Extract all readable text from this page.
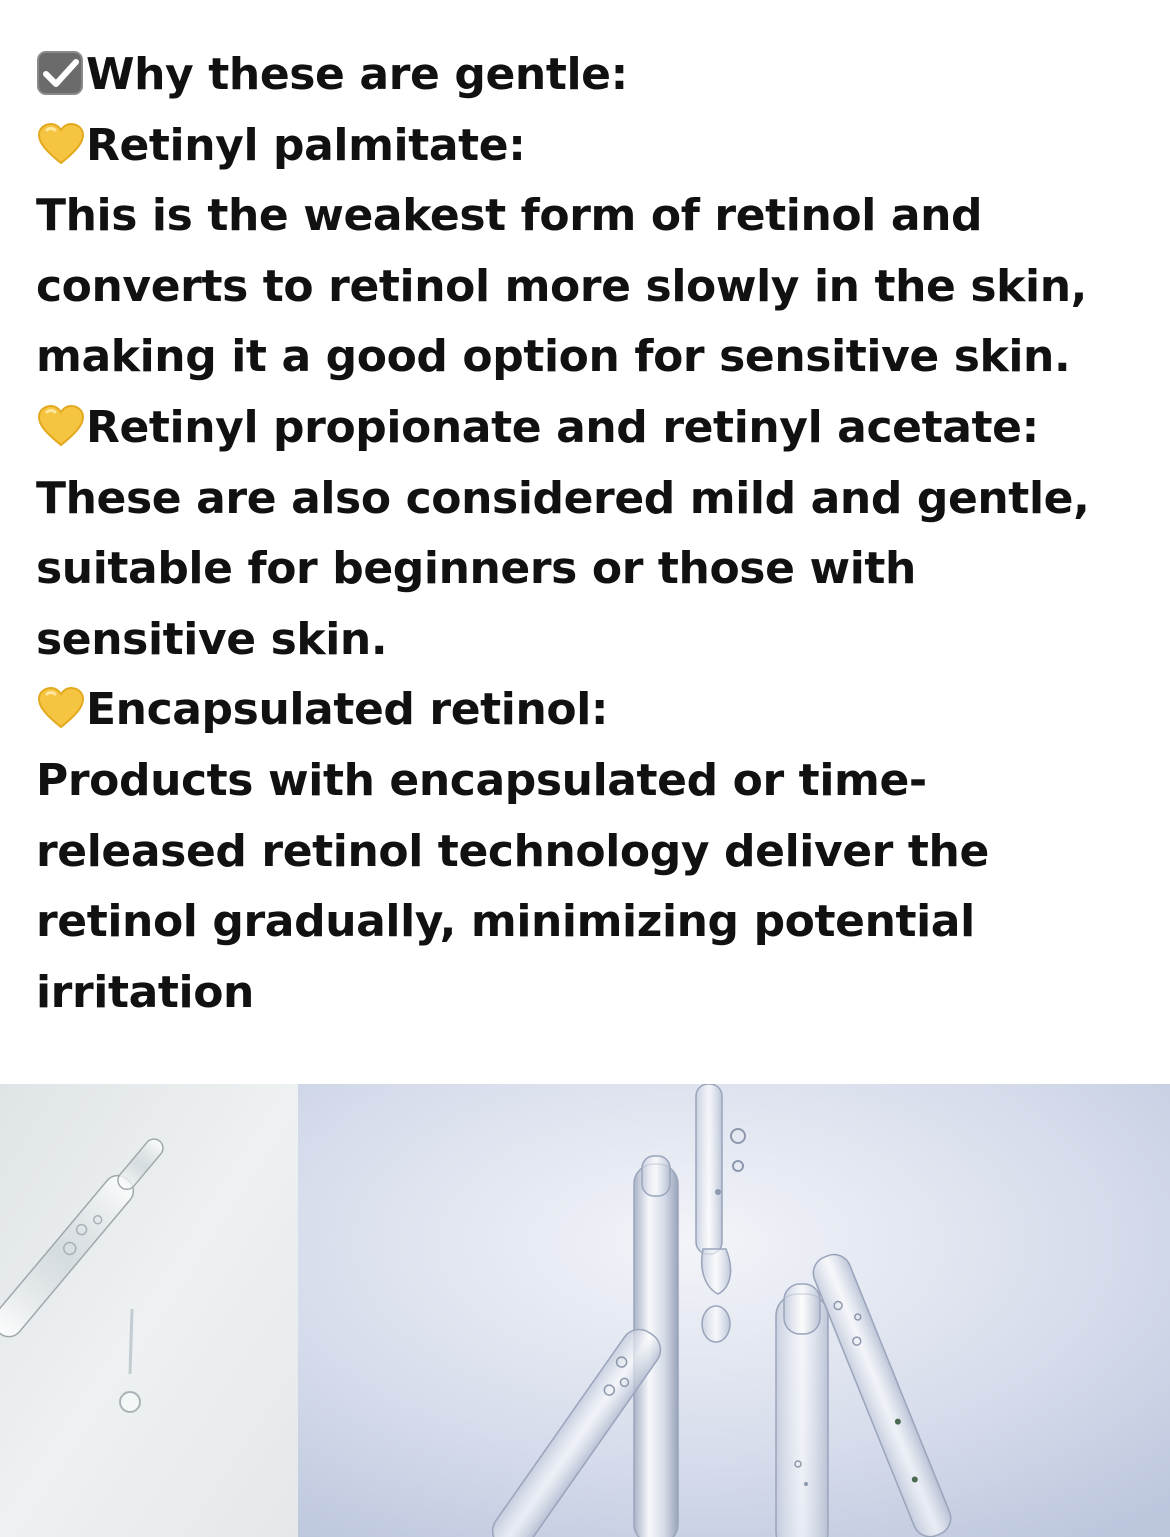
Why these are gentle:
Retinyl palmitate:
This is the weakest form of retinol and
converts to retinol more slowly in the skin,
making it a good option for sensitive skin.
Retinyl propionate and retinyl acetate:
These are also considered mild and gentle,
suitable for beginners or those with
sensitive skin.
Encapsulated retinol:
Products with encapsulated or time-
released retinol technology deliver the
retinol gradually, minimizing potential
irritation
